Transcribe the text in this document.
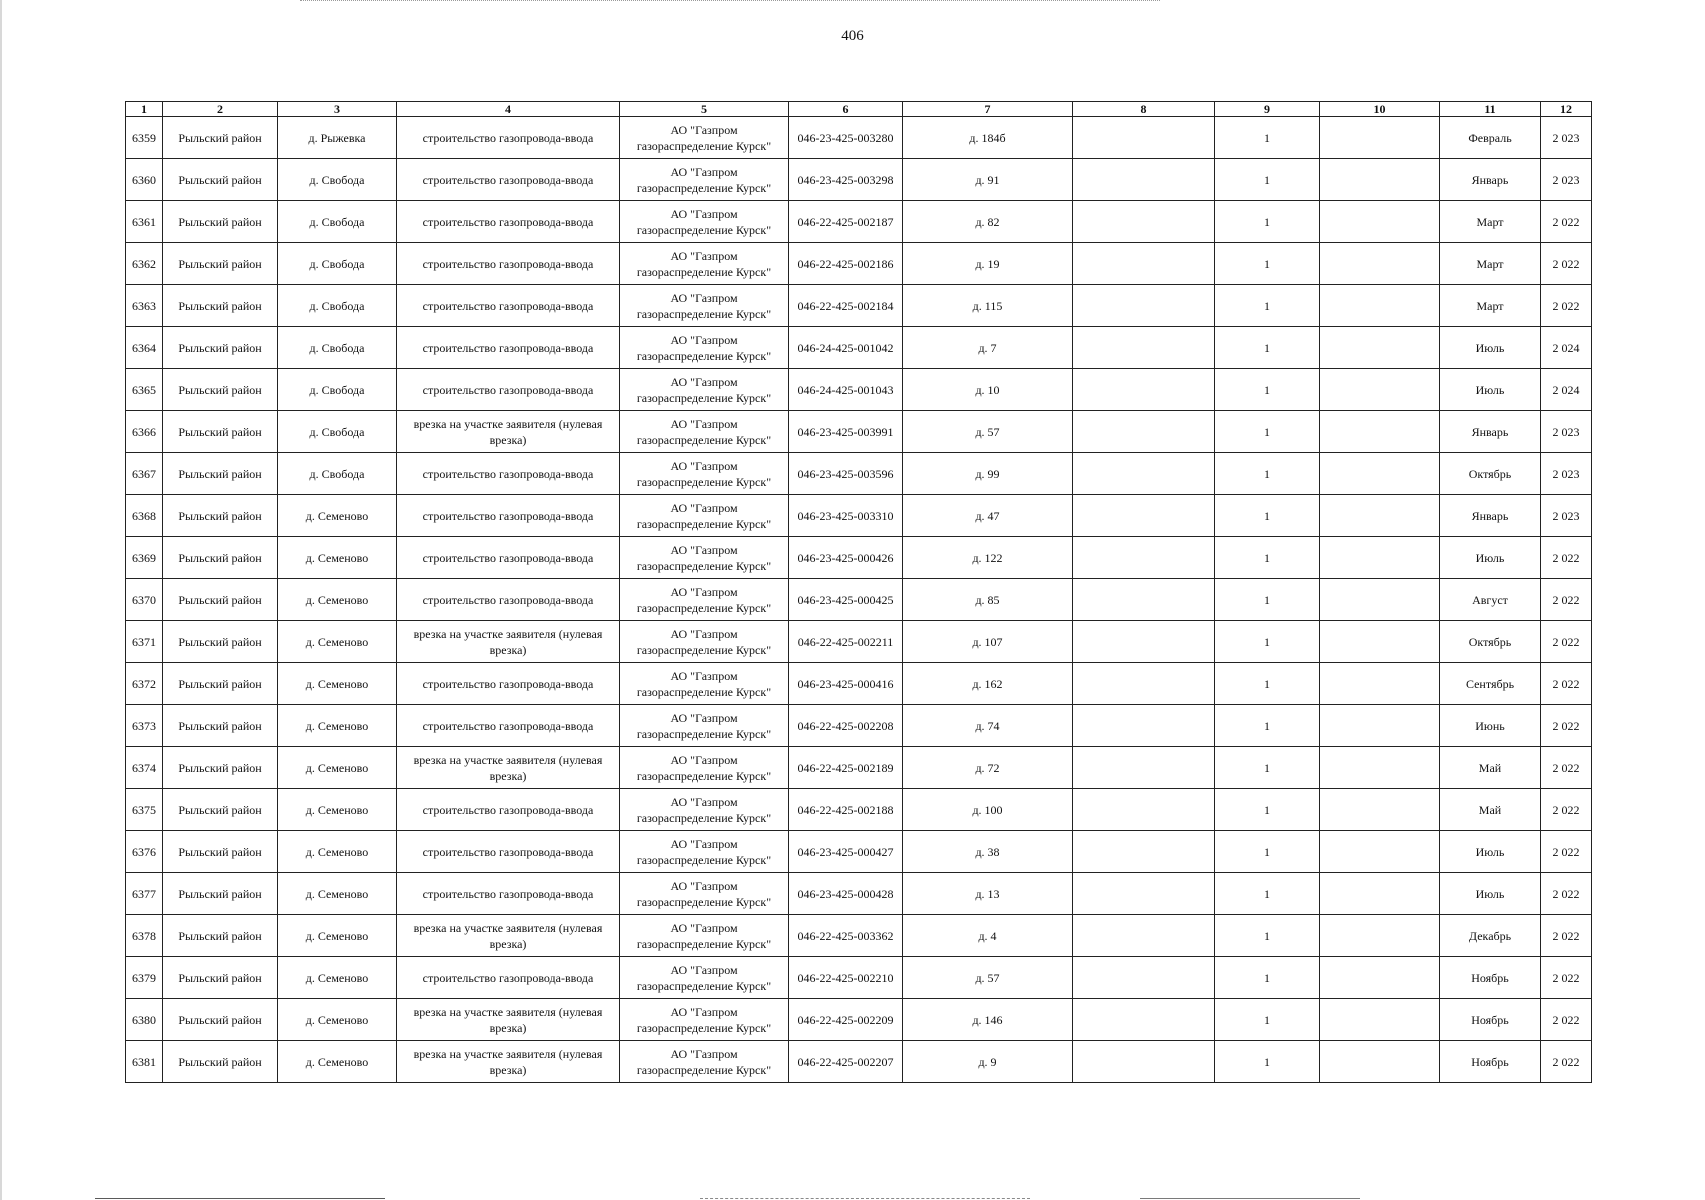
406
1	2	3	4	5	6	7	8	9	10	11	12
6359	Рыльский район	д. Рыжевка	строительство газопровода-ввода	АО "Газпром газораспределение Курск"	046-23-425-003280	д. 184б		1		Февраль	2 023
6360	Рыльский район	д. Свобода	строительство газопровода-ввода	АО "Газпром газораспределение Курск"	046-23-425-003298	д. 91		1		Январь	2 023
6361	Рыльский район	д. Свобода	строительство газопровода-ввода	АО "Газпром газораспределение Курск"	046-22-425-002187	д. 82		1		Март	2 022
6362	Рыльский район	д. Свобода	строительство газопровода-ввода	АО "Газпром газораспределение Курск"	046-22-425-002186	д. 19		1		Март	2 022
6363	Рыльский район	д. Свобода	строительство газопровода-ввода	АО "Газпром газораспределение Курск"	046-22-425-002184	д. 115		1		Март	2 022
6364	Рыльский район	д. Свобода	строительство газопровода-ввода	АО "Газпром газораспределение Курск"	046-24-425-001042	д. 7		1		Июль	2 024
6365	Рыльский район	д. Свобода	строительство газопровода-ввода	АО "Газпром газораспределение Курск"	046-24-425-001043	д. 10		1		Июль	2 024
6366	Рыльский район	д. Свобода	врезка на участке заявителя (нулевая врезка)	АО "Газпром газораспределение Курск"	046-23-425-003991	д. 57		1		Январь	2 023
6367	Рыльский район	д. Свобода	строительство газопровода-ввода	АО "Газпром газораспределение Курск"	046-23-425-003596	д. 99		1		Октябрь	2 023
6368	Рыльский район	д. Семеново	строительство газопровода-ввода	АО "Газпром газораспределение Курск"	046-23-425-003310	д. 47		1		Январь	2 023
6369	Рыльский район	д. Семеново	строительство газопровода-ввода	АО "Газпром газораспределение Курск"	046-23-425-000426	д. 122		1		Июль	2 022
6370	Рыльский район	д. Семеново	строительство газопровода-ввода	АО "Газпром газораспределение Курск"	046-23-425-000425	д. 85		1		Август	2 022
6371	Рыльский район	д. Семеново	врезка на участке заявителя (нулевая врезка)	АО "Газпром газораспределение Курск"	046-22-425-002211	д. 107		1		Октябрь	2 022
6372	Рыльский район	д. Семеново	строительство газопровода-ввода	АО "Газпром газораспределение Курск"	046-23-425-000416	д. 162		1		Сентябрь	2 022
6373	Рыльский район	д. Семеново	строительство газопровода-ввода	АО "Газпром газораспределение Курск"	046-22-425-002208	д. 74		1		Июнь	2 022
6374	Рыльский район	д. Семеново	врезка на участке заявителя (нулевая врезка)	АО "Газпром газораспределение Курск"	046-22-425-002189	д. 72		1		Май	2 022
6375	Рыльский район	д. Семеново	строительство газопровода-ввода	АО "Газпром газораспределение Курск"	046-22-425-002188	д. 100		1		Май	2 022
6376	Рыльский район	д. Семеново	строительство газопровода-ввода	АО "Газпром газораспределение Курск"	046-23-425-000427	д. 38		1		Июль	2 022
6377	Рыльский район	д. Семеново	строительство газопровода-ввода	АО "Газпром газораспределение Курск"	046-23-425-000428	д. 13		1		Июль	2 022
6378	Рыльский район	д. Семеново	врезка на участке заявителя (нулевая врезка)	АО "Газпром газораспределение Курск"	046-22-425-003362	д. 4		1		Декабрь	2 022
6379	Рыльский район	д. Семеново	строительство газопровода-ввода	АО "Газпром газораспределение Курск"	046-22-425-002210	д. 57		1		Ноябрь	2 022
6380	Рыльский район	д. Семеново	врезка на участке заявителя (нулевая врезка)	АО "Газпром газораспределение Курск"	046-22-425-002209	д. 146		1		Ноябрь	2 022
6381	Рыльский район	д. Семеново	врезка на участке заявителя (нулевая врезка)	АО "Газпром газораспределение Курск"	046-22-425-002207	д. 9		1		Ноябрь	2 022
